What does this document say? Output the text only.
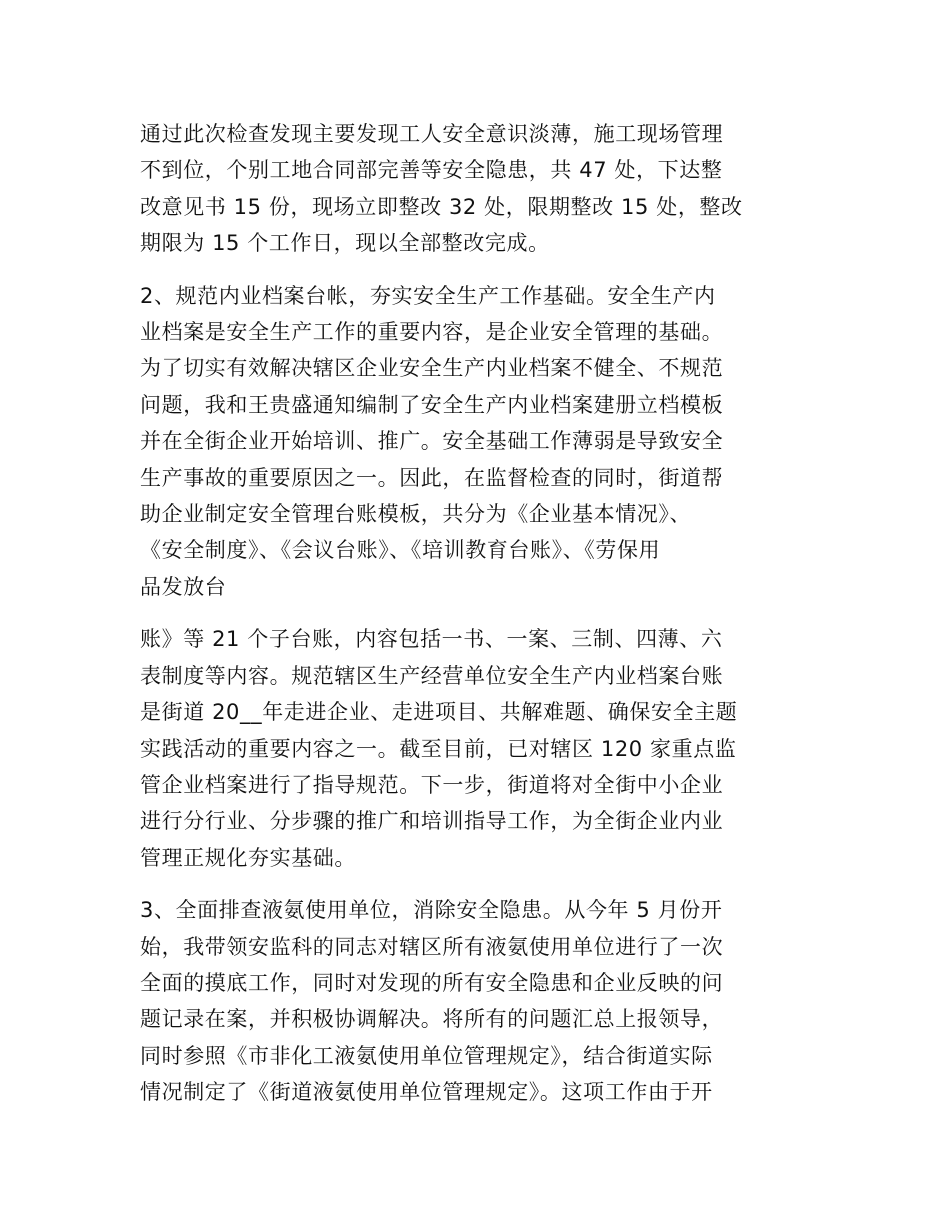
通过此次检查发现主要发现工人安全意识淡薄，施工现场管理
不到位，个别工地合同部完善等安全隐患，共 47 处，下达整
改意见书 15 份，现场立即整改 32 处，限期整改 15 处，整改
期限为 15 个工作日，现以全部整改完成。

2、规范内业档案台帐，夯实安全生产工作基础。安全生产内
业档案是安全生产工作的重要内容，是企业安全管理的基础。
为了切实有效解决辖区企业安全生产内业档案不健全、不规范
问题，我和王贵盛通知编制了安全生产内业档案建册立档模板
并在全街企业开始培训、推广。安全基础工作薄弱是导致安全
生产事故的重要原因之一。因此，在监督检查的同时，街道帮
助企业制定安全管理台账模板，共分为《企业基本情况》、
《安全制度》、《会议台账》、《培训教育台账》、《劳保用
品发放台

账》等 21 个子台账，内容包括一书、一案、三制、四薄、六
表制度等内容。规范辖区生产经营单位安全生产内业档案台账
是街道 20__年走进企业、走进项目、共解难题、确保安全主题
实践活动的重要内容之一。截至目前，已对辖区 120 家重点监
管企业档案进行了指导规范。下一步，街道将对全街中小企业
进行分行业、分步骤的推广和培训指导工作，为全街企业内业
管理正规化夯实基础。

3、全面排查液氨使用单位，消除安全隐患。从今年 5 月份开
始，我带领安监科的同志对辖区所有液氨使用单位进行了一次
全面的摸底工作，同时对发现的所有安全隐患和企业反映的问
题记录在案，并积极协调解决。将所有的问题汇总上报领导，
同时参照《市非化工液氨使用单位管理规定》，结合街道实际
情况制定了《街道液氨使用单位管理规定》。这项工作由于开
